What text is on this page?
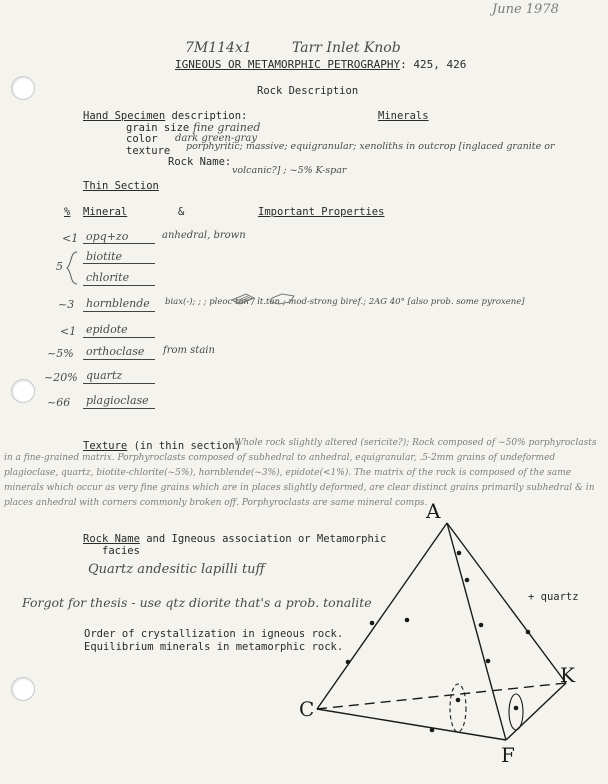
June 1978
7M114x1	Tarr Inlet Knob
IGNEOUS OR METAMORPHIC PETROGRAPHY: 425, 426
Rock Description
Hand Specimen description:	Minerals
grain size fine grained
color dark green-gray
texture porphyritic; massive; equigranular; xenoliths in outcrop [inglaced granite or
Rock Name:
volcanic?] ; ~5% K-spar
Thin Section
% Mineral	&	Important Properties
<1 opq+zo	anhedral, brown
biotite
5
chlorite
~3 hornblende biax(-); ; ; pleoc tan / lt.tan ; mod-strong biref.; 2AG 40° [also prob. some pyroxene]
<1 epidote
~5% orthoclase from stain
~20% quartz
~66 plagioclase
Texture (in thin section)
Whole rock slightly altered (sericite?); Rock composed of ~50% porphyroclasts in a fine-grained matrix. Porphyroclasts composed of subhedral to anhedral, equigranular, .5-2mm grains of undeformed plagioclase, quartz, biotite-chlorite(~5%), hornblende(~3%), epidote(<1%). The matrix of the rock is composed of the same minerals which occur as very fine grains which are in places slightly deformed, are clear distinct grains primarily subhedral & in places anhedral with corners commonly broken off. Porphyroclasts are same mineral comps.
Rock Name and Igneous association or Metamorphic
facies
Quartz andesitic lapilli tuff
Forgot for thesis - use qtz diorite that's a prob. tonalite
Order of crystallization in igneous rock.
Equilibrium minerals in metamorphic rock.
A
C
K
F
+ quartz
